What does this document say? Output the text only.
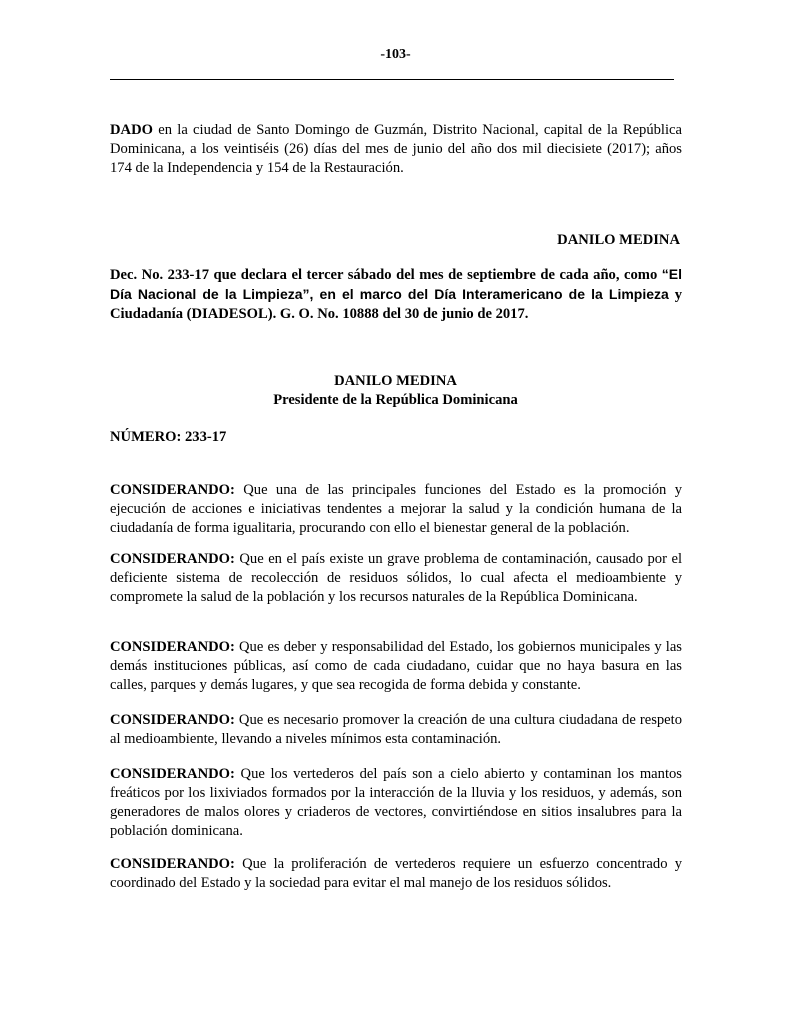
-103-

DADO en la ciudad de Santo Domingo de Guzmán, Distrito Nacional, capital de la República Dominicana, a los veintiséis (26) días del mes de junio del año dos mil diecisiete (2017); años 174 de la Independencia y 154 de la Restauración.

DANILO MEDINA

Dec. No. 233-17 que declara el tercer sábado del mes de septiembre de cada año, como “El Día Nacional de la Limpieza”, en el marco del Día Interamericano de la Limpieza y Ciudadanía (DIADESOL). G. O. No. 10888 del 30 de junio de 2017.

DANILO MEDINA
Presidente de la República Dominicana
NÚMERO: 233-17

CONSIDERANDO: Que una de las principales funciones del Estado es la promoción y ejecución de acciones e iniciativas tendentes a mejorar la salud y la condición humana de la ciudadanía de forma igualitaria, procurando con ello el bienestar general de la población.

CONSIDERANDO: Que en el país existe un grave problema de contaminación, causado por el deficiente sistema de recolección de residuos sólidos, lo cual afecta el medioambiente y compromete la salud de la población y los recursos naturales de la República Dominicana.

CONSIDERANDO: Que es deber y responsabilidad del Estado, los gobiernos municipales y las demás instituciones públicas, así como de cada ciudadano, cuidar que no haya basura en las calles, parques y demás lugares, y que sea recogida de forma debida y constante.

CONSIDERANDO: Que es necesario promover la creación de una cultura ciudadana de respeto al medioambiente, llevando a niveles mínimos esta contaminación.

CONSIDERANDO: Que los vertederos del país son a cielo abierto y contaminan los mantos freáticos por los lixiviados formados por la interacción de la lluvia y los residuos, y además, son generadores de malos olores y criaderos de vectores, convirtiéndose en sitios insalubres para la población dominicana.

CONSIDERANDO: Que la proliferación de vertederos requiere un esfuerzo concentrado y coordinado del Estado y la sociedad para evitar el mal manejo de los residuos sólidos.
